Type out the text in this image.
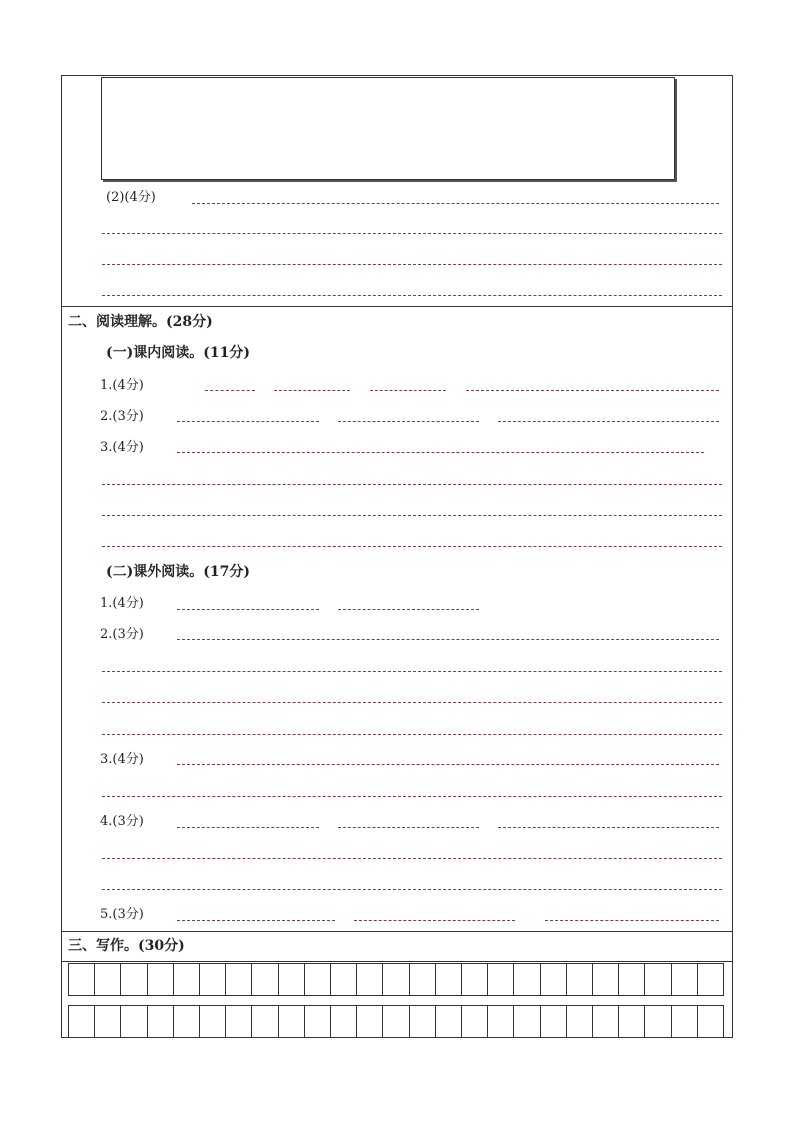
(2)(4分)
二、阅读理解。(28分)
(一)课内阅读。(11分)
1.(4分)
2.(3分)
3.(4分)
(二)课外阅读。(17分)
1.(4分)
2.(3分)
3.(4分)
4.(3分)
5.(3分)
三、写作。(30分)
